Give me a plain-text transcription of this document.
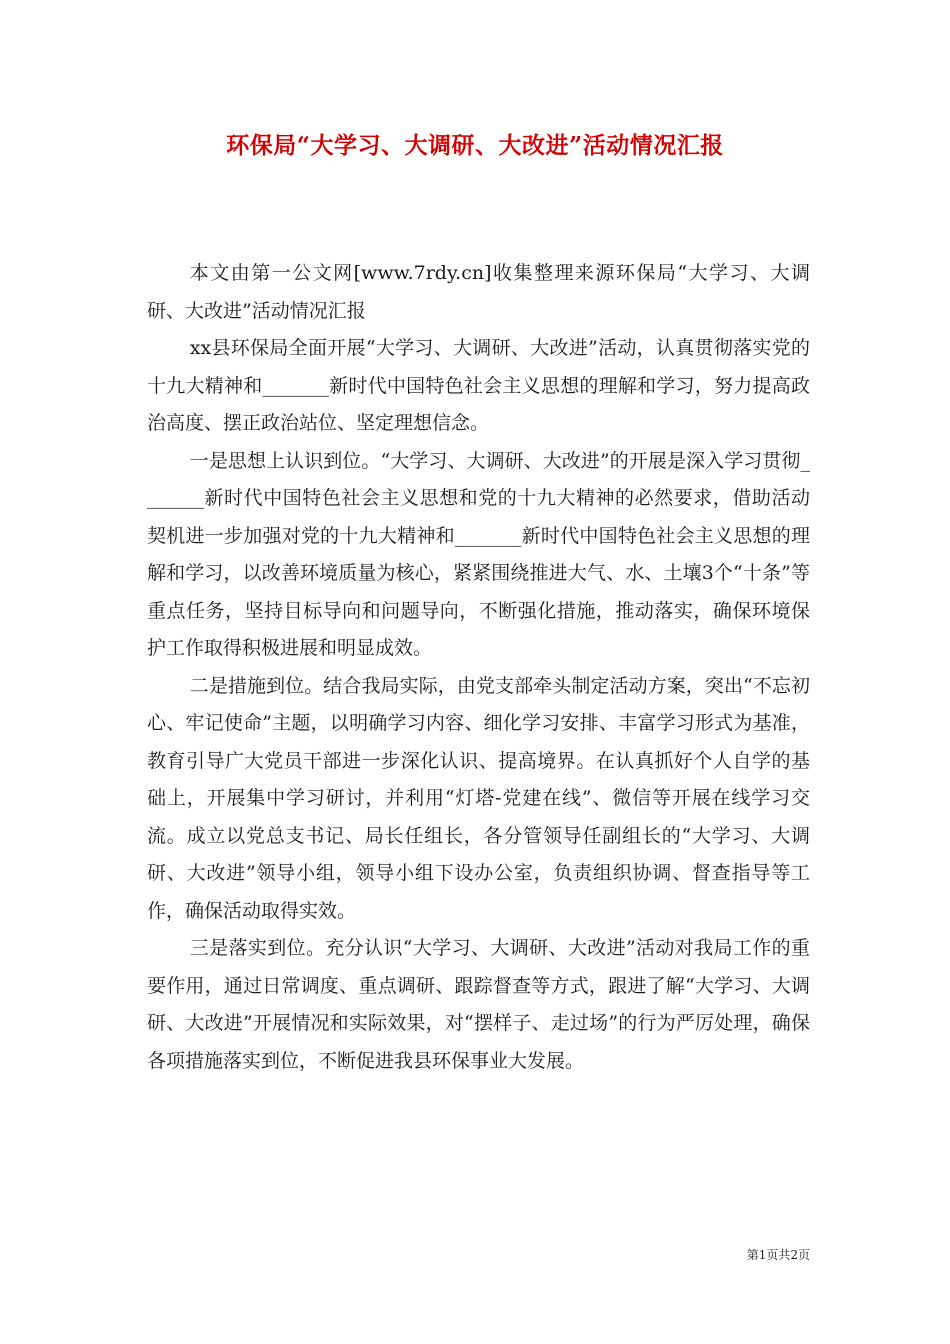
环保局“大学习、大调研、大改进”活动情况汇报

本文由第一公文网[www.7rdy.cn]收集整理来源环保局“大学习、大调研、大改进”活动情况汇报

xx县环保局全面开展“大学习、大调研、大改进”活动，认真贯彻落实党的十九大精神和_______新时代中国特色社会主义思想的理解和学习，努力提高政治高度、摆正政治站位、坚定理想信念。

一是思想上认识到位。“大学习、大调研、大改进”的开展是深入学习贯彻_______新时代中国特色社会主义思想和党的十九大精神的必然要求，借助活动契机进一步加强对党的十九大精神和_______新时代中国特色社会主义思想的理解和学习，以改善环境质量为核心，紧紧围绕推进大气、水、土壤3个“十条”等重点任务，坚持目标导向和问题导向，不断强化措施，推动落实，确保环境保护工作取得积极进展和明显成效。

二是措施到位。结合我局实际，由党支部牵头制定活动方案，突出“不忘初心、牢记使命”主题，以明确学习内容、细化学习安排、丰富学习形式为基准，教育引导广大党员干部进一步深化认识、提高境界。在认真抓好个人自学的基础上，开展集中学习研讨，并利用“灯塔-党建在线”、微信等开展在线学习交流。成立以党总支书记、局长任组长，各分管领导任副组长的“大学习、大调研、大改进”领导小组，领导小组下设办公室，负责组织协调、督查指导等工作，确保活动取得实效。

三是落实到位。充分认识“大学习、大调研、大改进”活动对我局工作的重要作用，通过日常调度、重点调研、跟踪督查等方式，跟进了解“大学习、大调研、大改进”开展情况和实际效果，对“摆样子、走过场”的行为严厉处理，确保各项措施落实到位，不断促进我县环保事业大发展。

第1页共2页
